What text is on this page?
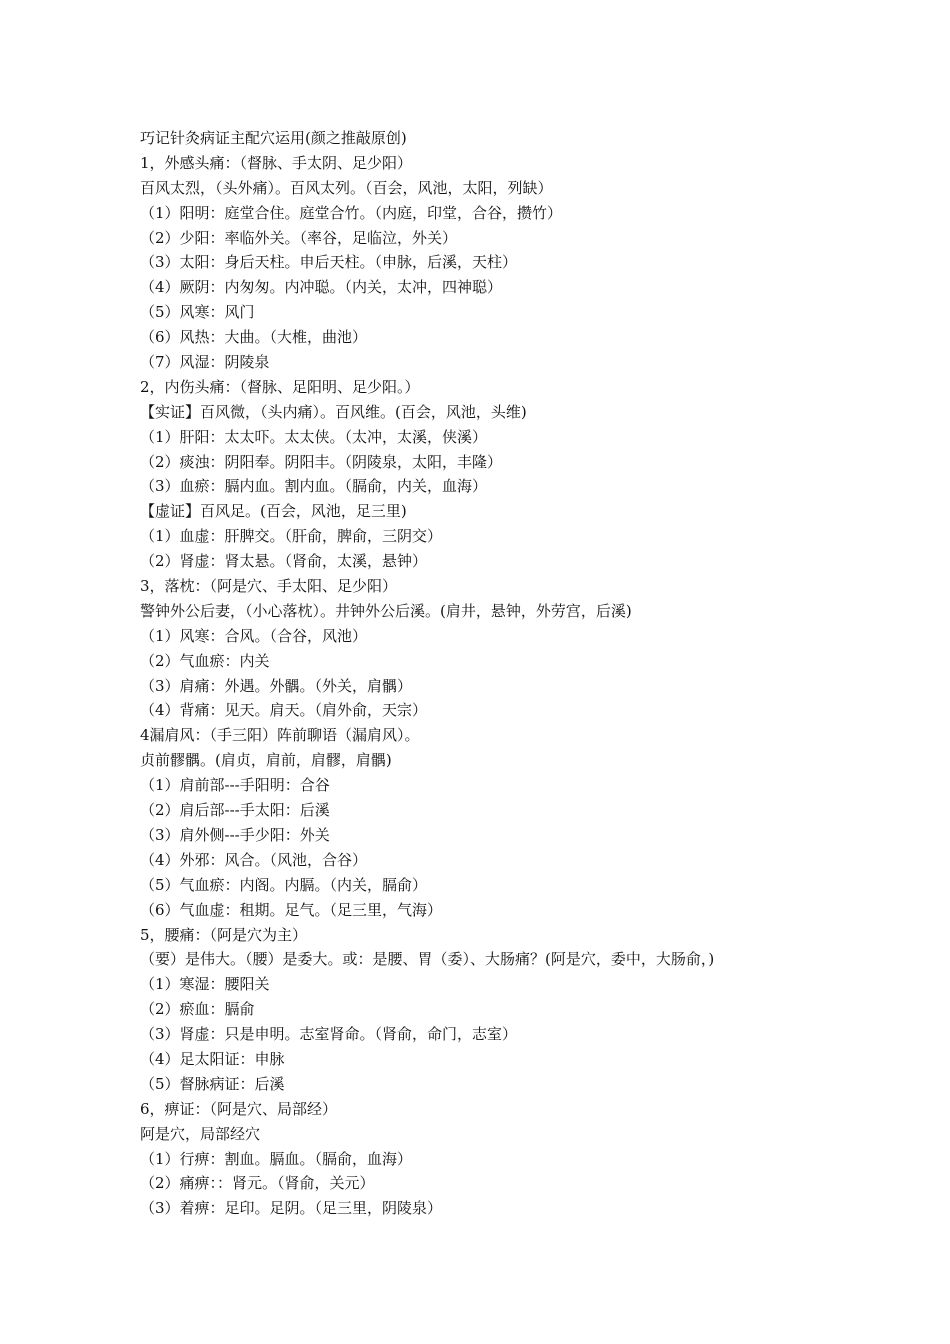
巧记针灸病证主配穴运用(颜之推敲原创)
1，外感头痛：（督脉、手太阴、足少阳）
百风太烈，（头外痛）。百风太列。（百会，风池，太阳，列缺）
（1）阳明：庭堂合住。庭堂合竹。（内庭，印堂，合谷，攒竹）
（2）少阳：率临外关。（率谷，足临泣，外关）
（3）太阳：身后天柱。申后天柱。（申脉，后溪，天柱）
（4）厥阴：内匆匆。内冲聪。（内关，太冲，四神聪）
（5）风寒：风门
（6）风热：大曲。（大椎，曲池）
（7）风湿：阴陵泉
2，内伤头痛：（督脉、足阳明、足少阳。）
【实证】百风微，（头内痛）。百风维。(百会，风池，头维)
（1）肝阳：太太吓。太太侠。（太冲，太溪，侠溪）
（2）痰浊：阴阳奉。阴阳丰。（阴陵泉，太阳，丰隆）
（3）血瘀：膈内血。割内血。（膈俞，内关，血海）
【虚证】百风足。(百会，风池，足三里)
（1）血虚：肝脾交。（肝俞，脾俞，三阴交）
（2）肾虚：肾太悬。（肾俞，太溪，悬钟）
3，落枕：（阿是穴、手太阳、足少阳）
警钟外公后妻，（小心落枕）。井钟外公后溪。(肩井，悬钟，外劳宫，后溪)
（1）风寒：合风。（合谷，风池）
（2）气血瘀：内关
（3）肩痛：外遇。外髃。（外关，肩髃）
（4）背痛：见天。肩天。（肩外俞，天宗）
4漏肩风：（手三阳）阵前聊语（漏肩风）。
贞前髎髃。(肩贞，肩前，肩髎，肩髃)
（1）肩前部---手阳明：合谷
（2）肩后部---手太阳：后溪
（3）肩外侧---手少阳：外关
（4）外邪：风合。（风池，合谷）
（5）气血瘀：内阁。内膈。（内关，膈俞）
（6）气血虚：租期。足气。（足三里，气海）
5，腰痛：（阿是穴为主）
（要）是伟大。（腰）是委大。或：是腰、胃（委）、大肠痛？(阿是穴，委中，大肠俞，)
（1）寒湿：腰阳关
（2）瘀血：膈俞
（3）肾虚：只是申明。志室肾命。（肾俞，命门，志室）
（4）足太阳证：申脉
（5）督脉病证：后溪
6，痹证：（阿是穴、局部经）
阿是穴，局部经穴
（1）行痹：割血。膈血。（膈俞，血海）
（2）痛痹：：肾元。（肾俞，关元）
（3）着痹：足印。足阴。（足三里，阴陵泉）
